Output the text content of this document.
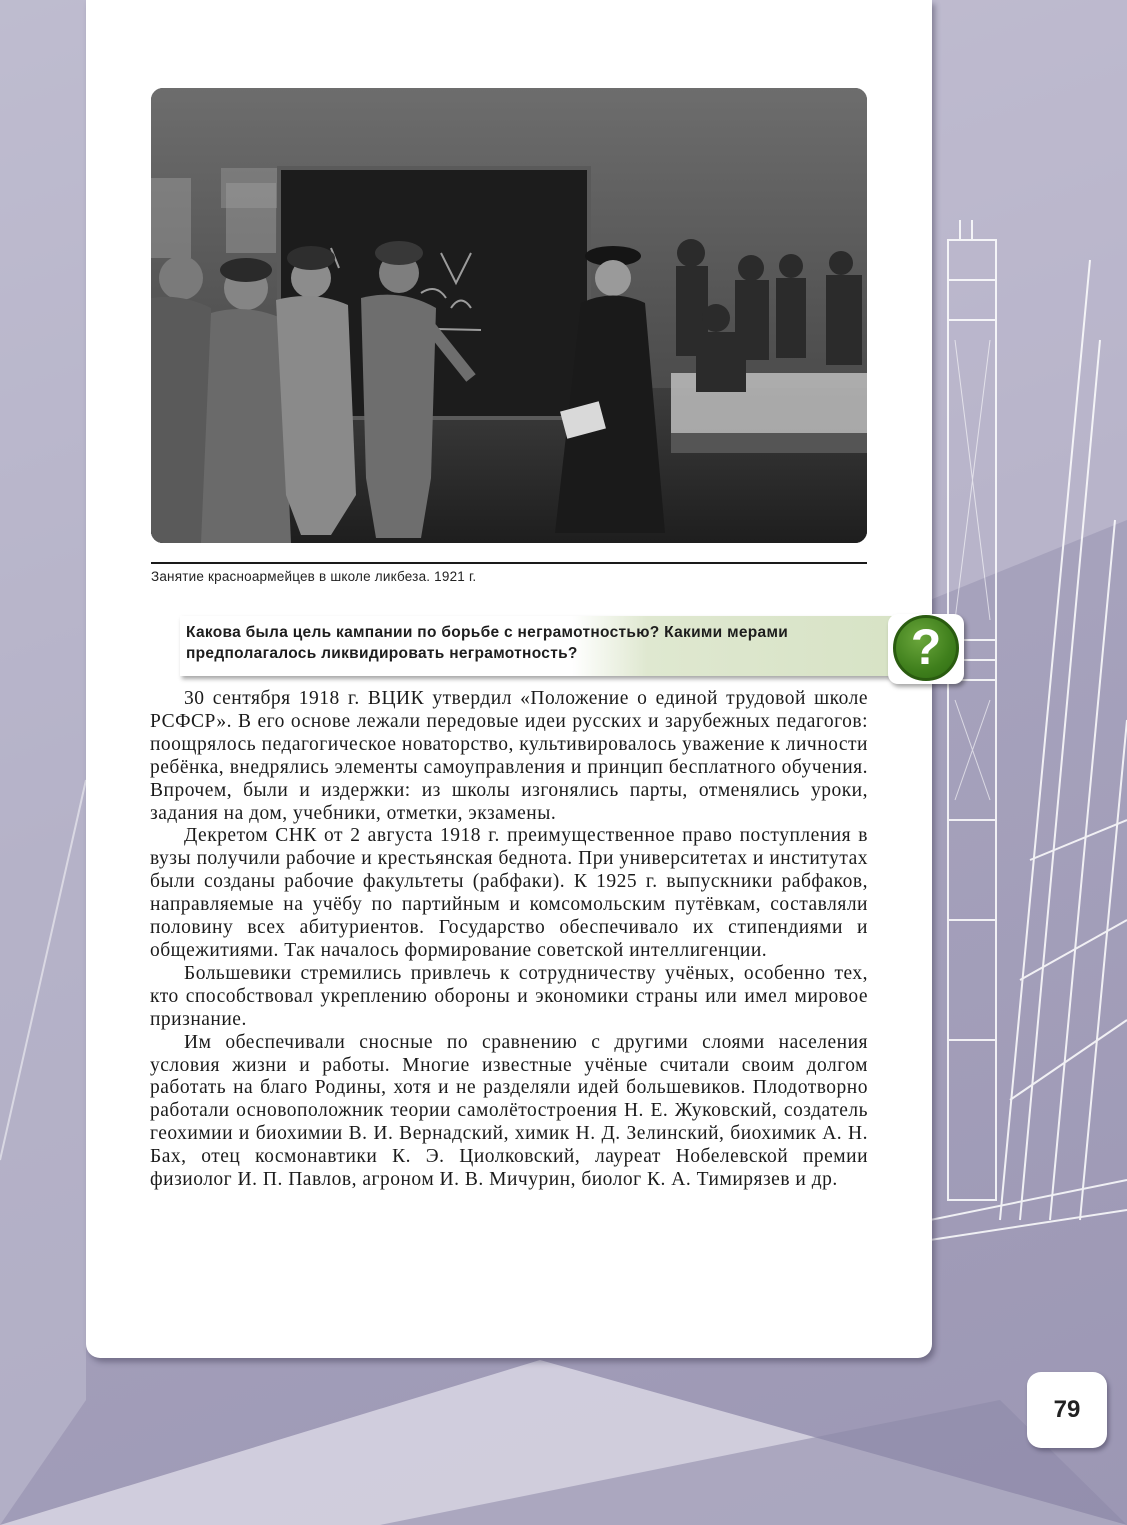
Занятие красноармейцев в школе ликбеза. 1921 г.
Какова была цель кампании по борьбе с неграмотностью? Какими мерами предполагалось ликвидировать неграмотность?	?

30 сентября 1918 г. ВЦИК утвердил «Положение о единой трудовой школе РСФСР». В его основе лежали передовые идеи русских и зарубежных педагогов: поощрялось педагогическое новаторство, культивировалось уважение к личности ребёнка, внедрялись элементы самоуправления и принцип бесплатного обучения. Впрочем, были и издержки: из школы изгонялись парты, отменялись уроки, задания на дом, учебники, отметки, экзамены.

Декретом СНК от 2 августа 1918 г. преимущественное право поступления в вузы получили рабочие и крестьянская беднота. При университетах и институтах были созданы рабочие факультеты (рабфаки). К 1925 г. выпускники рабфаков, направляемые на учёбу по партийным и комсомольским путёвкам, составляли половину всех абитуриентов. Государство обеспечивало их стипендиями и общежитиями. Так началось формирование советской интеллигенции.

Большевики стремились привлечь к сотрудничеству учёных, особенно тех, кто способствовал укреплению обороны и экономики страны или имел мировое признание.

Им обеспечивали сносные по сравнению с другими слоями населения условия жизни и работы. Многие известные учёные считали своим долгом работать на благо Родины, хотя и не разделяли идей большевиков. Плодотворно работали основоположник теории самолётостроения Н. Е. Жуковский, создатель геохимии и биохимии В. И. Вернадский, химик Н. Д. Зелинский, биохимик А. Н. Бах, отец космонавтики К. Э. Циолковский, лауреат Нобелевской премии физиолог И. П. Павлов, агроном И. В. Мичурин, биолог К. А. Тимирязев и др.

79
